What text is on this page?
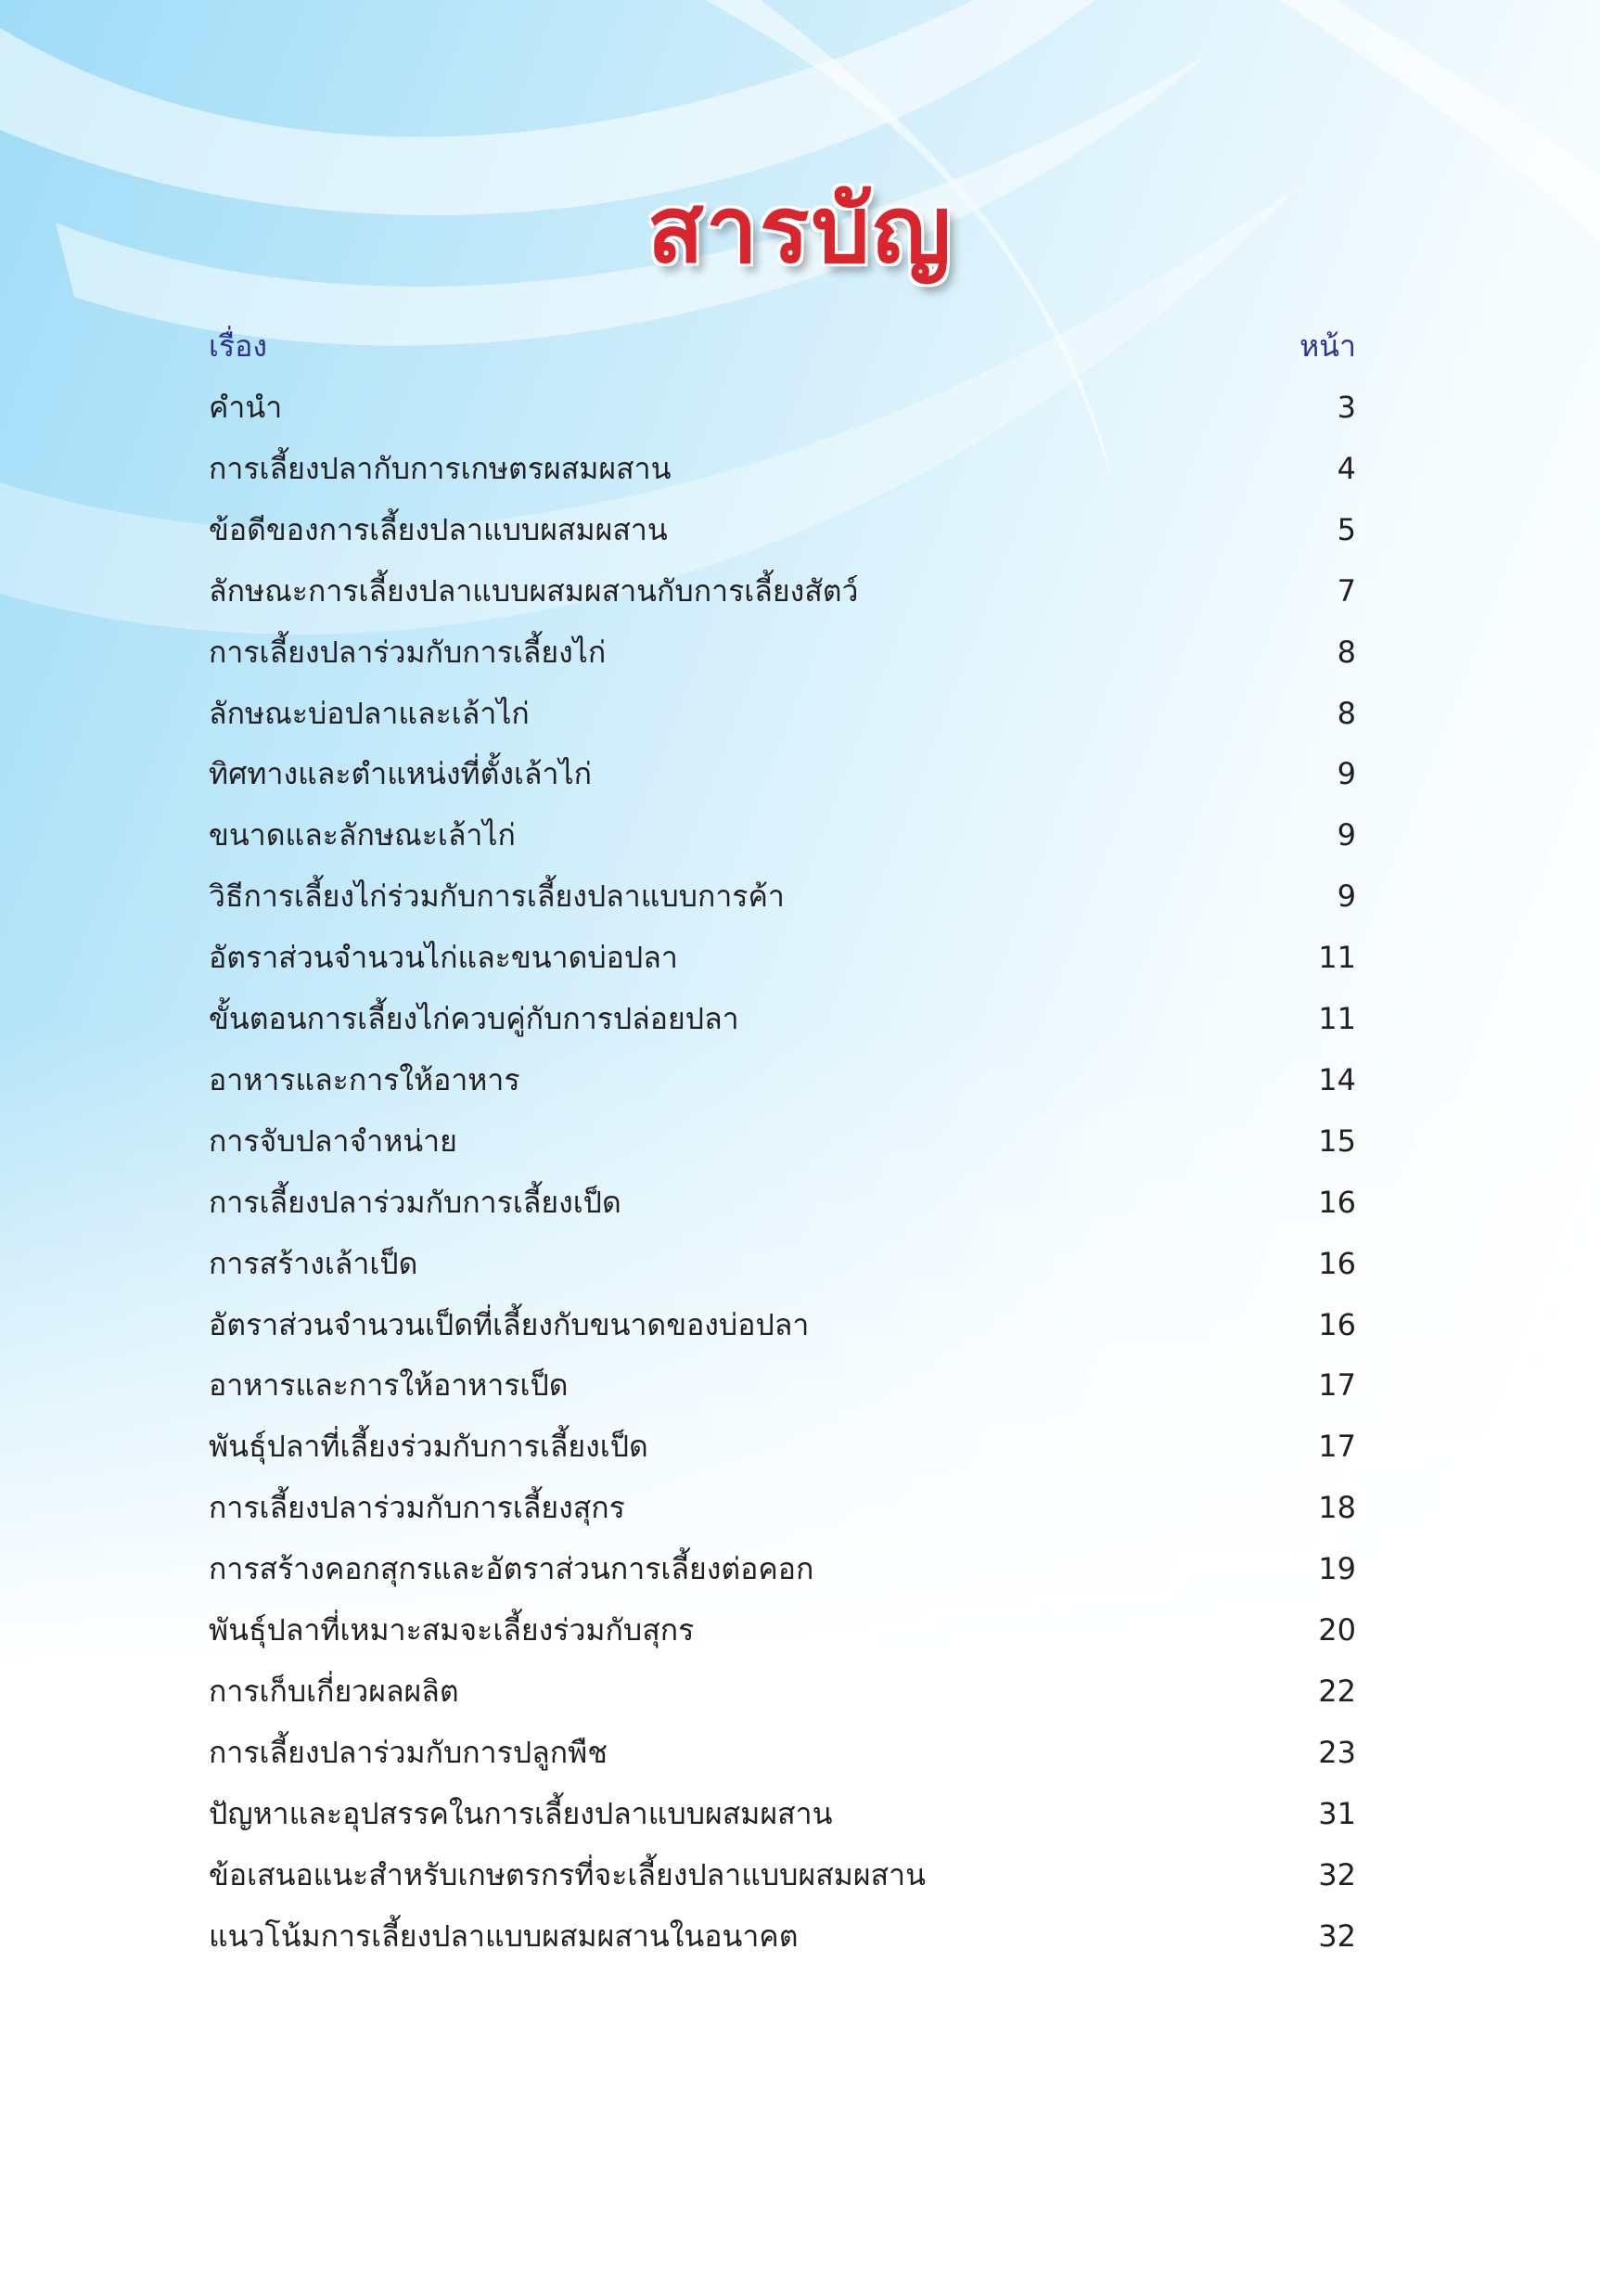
สารบัญ
เรื่อง	หน้า
คำนำ	3
การเลี้ยงปลากับการเกษตรผสมผสาน	4
ข้อดีของการเลี้ยงปลาแบบผสมผสาน	5
ลักษณะการเลี้ยงปลาแบบผสมผสานกับการเลี้ยงสัตว์	7
การเลี้ยงปลาร่วมกับการเลี้ยงไก่	8
ลักษณะบ่อปลาและเล้าไก่	8
ทิศทางและตำแหน่งที่ตั้งเล้าไก่	9
ขนาดและลักษณะเล้าไก่	9
วิธีการเลี้ยงไก่ร่วมกับการเลี้ยงปลาแบบการค้า	9
อัตราส่วนจำนวนไก่และขนาดบ่อปลา	11
ขั้นตอนการเลี้ยงไก่ควบคู่กับการปล่อยปลา	11
อาหารและการให้อาหาร	14
การจับปลาจำหน่าย	15
การเลี้ยงปลาร่วมกับการเลี้ยงเป็ด	16
การสร้างเล้าเป็ด	16
อัตราส่วนจำนวนเป็ดที่เลี้ยงกับขนาดของบ่อปลา	16
อาหารและการให้อาหารเป็ด	17
พันธุ์ปลาที่เลี้ยงร่วมกับการเลี้ยงเป็ด	17
การเลี้ยงปลาร่วมกับการเลี้ยงสุกร	18
การสร้างคอกสุกรและอัตราส่วนการเลี้ยงต่อคอก	19
พันธุ์ปลาที่เหมาะสมจะเลี้ยงร่วมกับสุกร	20
การเก็บเกี่ยวผลผลิต	22
การเลี้ยงปลาร่วมกับการปลูกพืช	23
ปัญหาและอุปสรรคในการเลี้ยงปลาแบบผสมผสาน	31
ข้อเสนอแนะสำหรับเกษตรกรที่จะเลี้ยงปลาแบบผสมผสาน	32
แนวโน้มการเลี้ยงปลาแบบผสมผสานในอนาคต	32
